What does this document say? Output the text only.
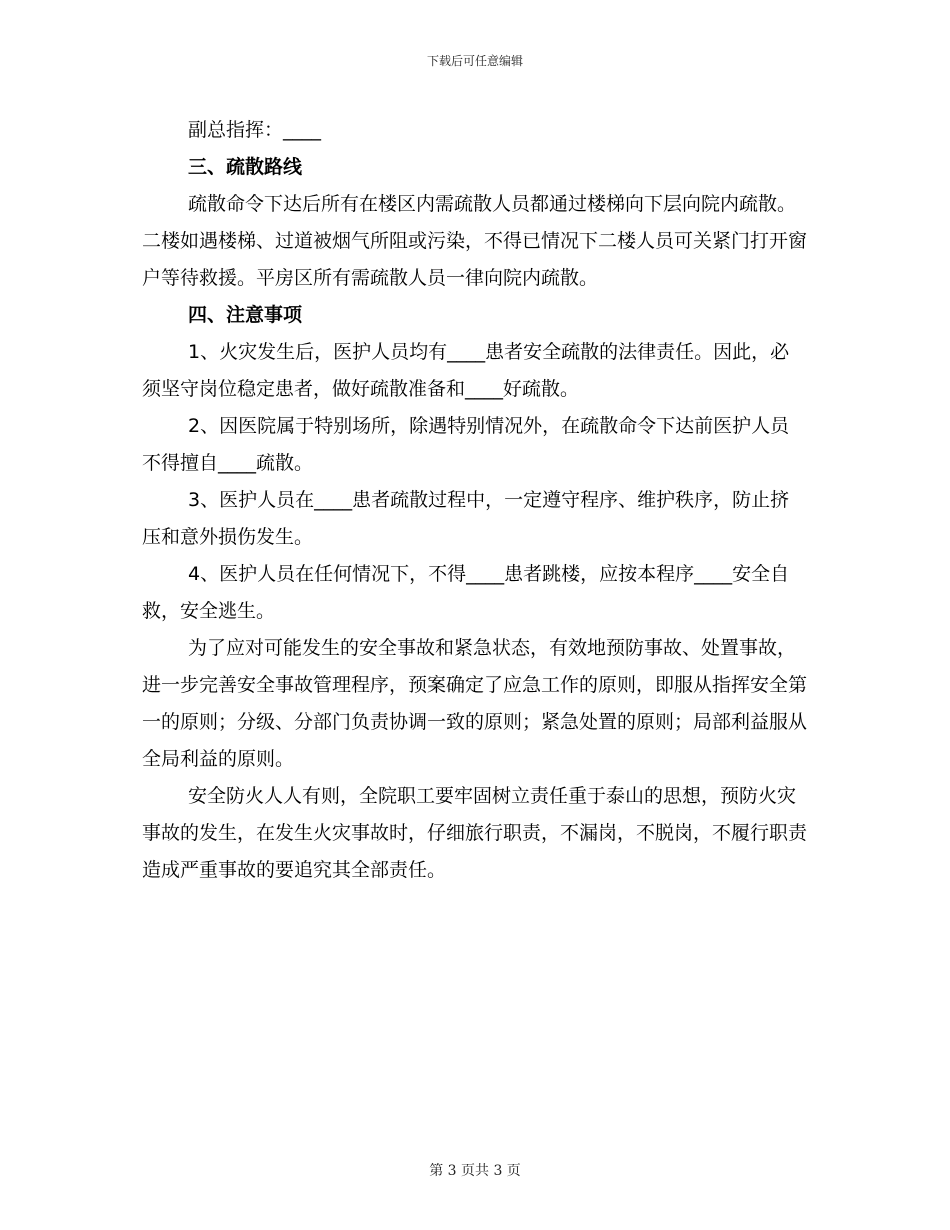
下载后可任意编辑

副总指挥：____

三、疏散路线

疏散命令下达后所有在楼区内需疏散人员都通过楼梯向下层向院内疏散。二楼如遇楼梯、过道被烟气所阻或污染，不得已情况下二楼人员可关紧门打开窗户等待救援。平房区所有需疏散人员一律向院内疏散。

四、注意事项

1、火灾发生后，医护人员均有____患者安全疏散的法律责任。因此，必须坚守岗位稳定患者，做好疏散准备和____好疏散。

2、因医院属于特别场所，除遇特别情况外，在疏散命令下达前医护人员不得擅自____疏散。

3、医护人员在____患者疏散过程中，一定遵守程序、维护秩序，防止挤压和意外损伤发生。

4、医护人员在任何情况下，不得____患者跳楼，应按本程序____安全自救，安全逃生。

为了应对可能发生的安全事故和紧急状态，有效地预防事故、处置事故，进一步完善安全事故管理程序，预案确定了应急工作的原则，即服从指挥安全第一的原则；分级、分部门负责协调一致的原则；紧急处置的原则；局部利益服从全局利益的原则。

安全防火人人有则，全院职工要牢固树立责任重于泰山的思想，预防火灾事故的发生，在发生火灾事故时，仔细旅行职责，不漏岗，不脱岗，不履行职责造成严重事故的要追究其全部责任。

第 3 页共 3 页
